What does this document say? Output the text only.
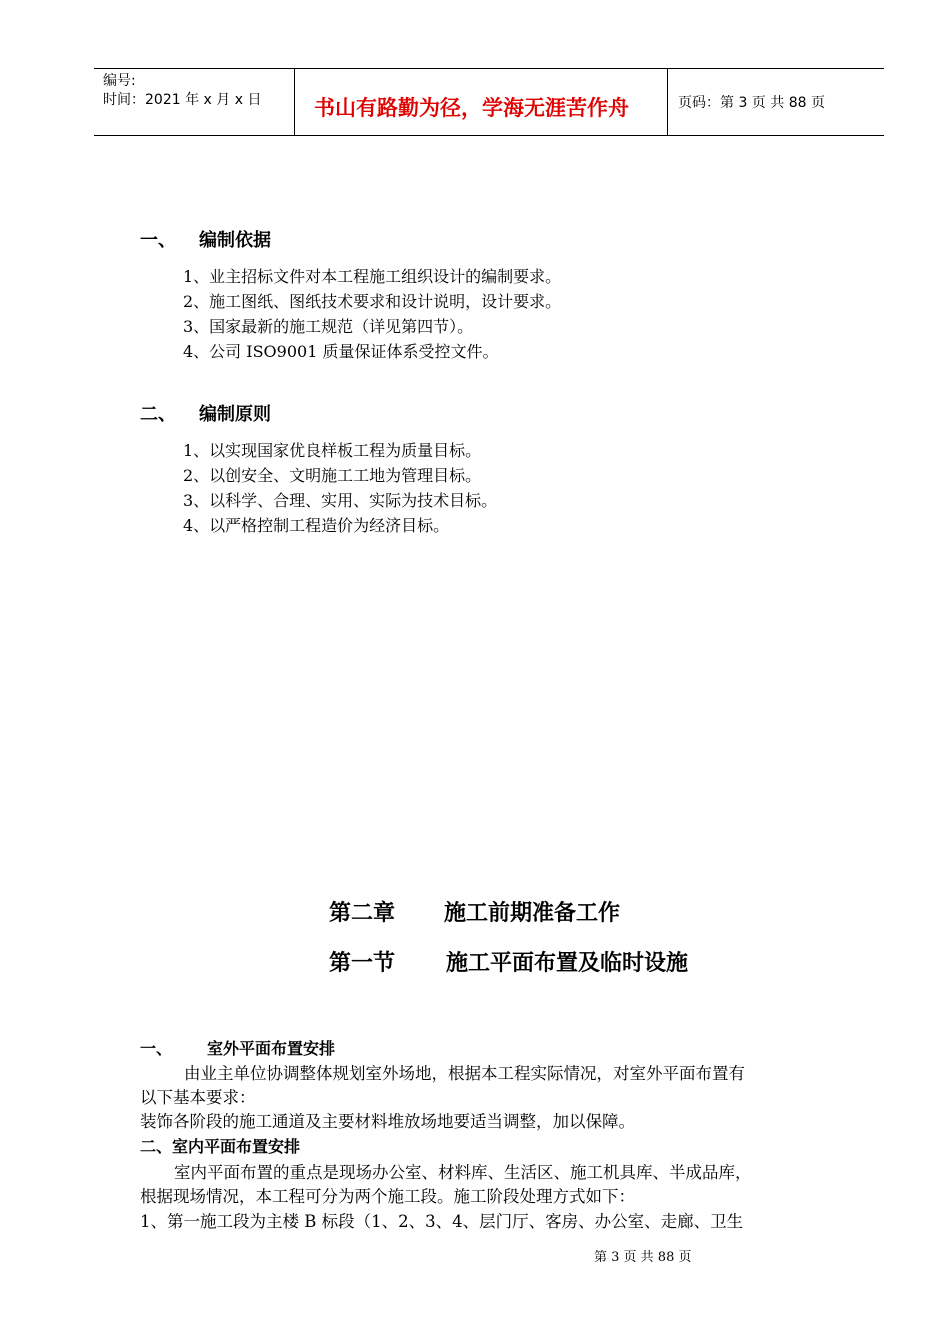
编号:
时间：2021 年 x 月 x 日	书山有路勤为径，学海无涯苦作舟	页码：第 3 页 共 88 页
一、 编制依据
1、业主招标文件对本工程施工组织设计的编制要求。
2、施工图纸、图纸技术要求和设计说明，设计要求。
3、国家最新的施工规范（详见第四节）。
4、公司 ISO9001 质量保证体系受控文件。
二、 编制原则
1、以实现国家优良样板工程为质量目标。
2、以创安全、文明施工工地为管理目标。
3、以科学、合理、实用、实际为技术目标。
4、以严格控制工程造价为经济目标。
第二章 施工前期准备工作
第一节 施工平面布置及临时设施
一、 室外平面布置安排
由业主单位协调整体规划室外场地，根据本工程实际情况，对室外平面布置有
以下基本要求：
装饰各阶段的施工通道及主要材料堆放场地要适当调整，加以保障。
二、室内平面布置安排
室内平面布置的重点是现场办公室、材料库、生活区、施工机具库、半成品库，
根据现场情况，本工程可分为两个施工段。施工阶段处理方式如下：
1、第一施工段为主楼 B 标段（1、2、3、4、层门厅、客房、办公室、走廊、卫生
第 3 页 共 88 页
